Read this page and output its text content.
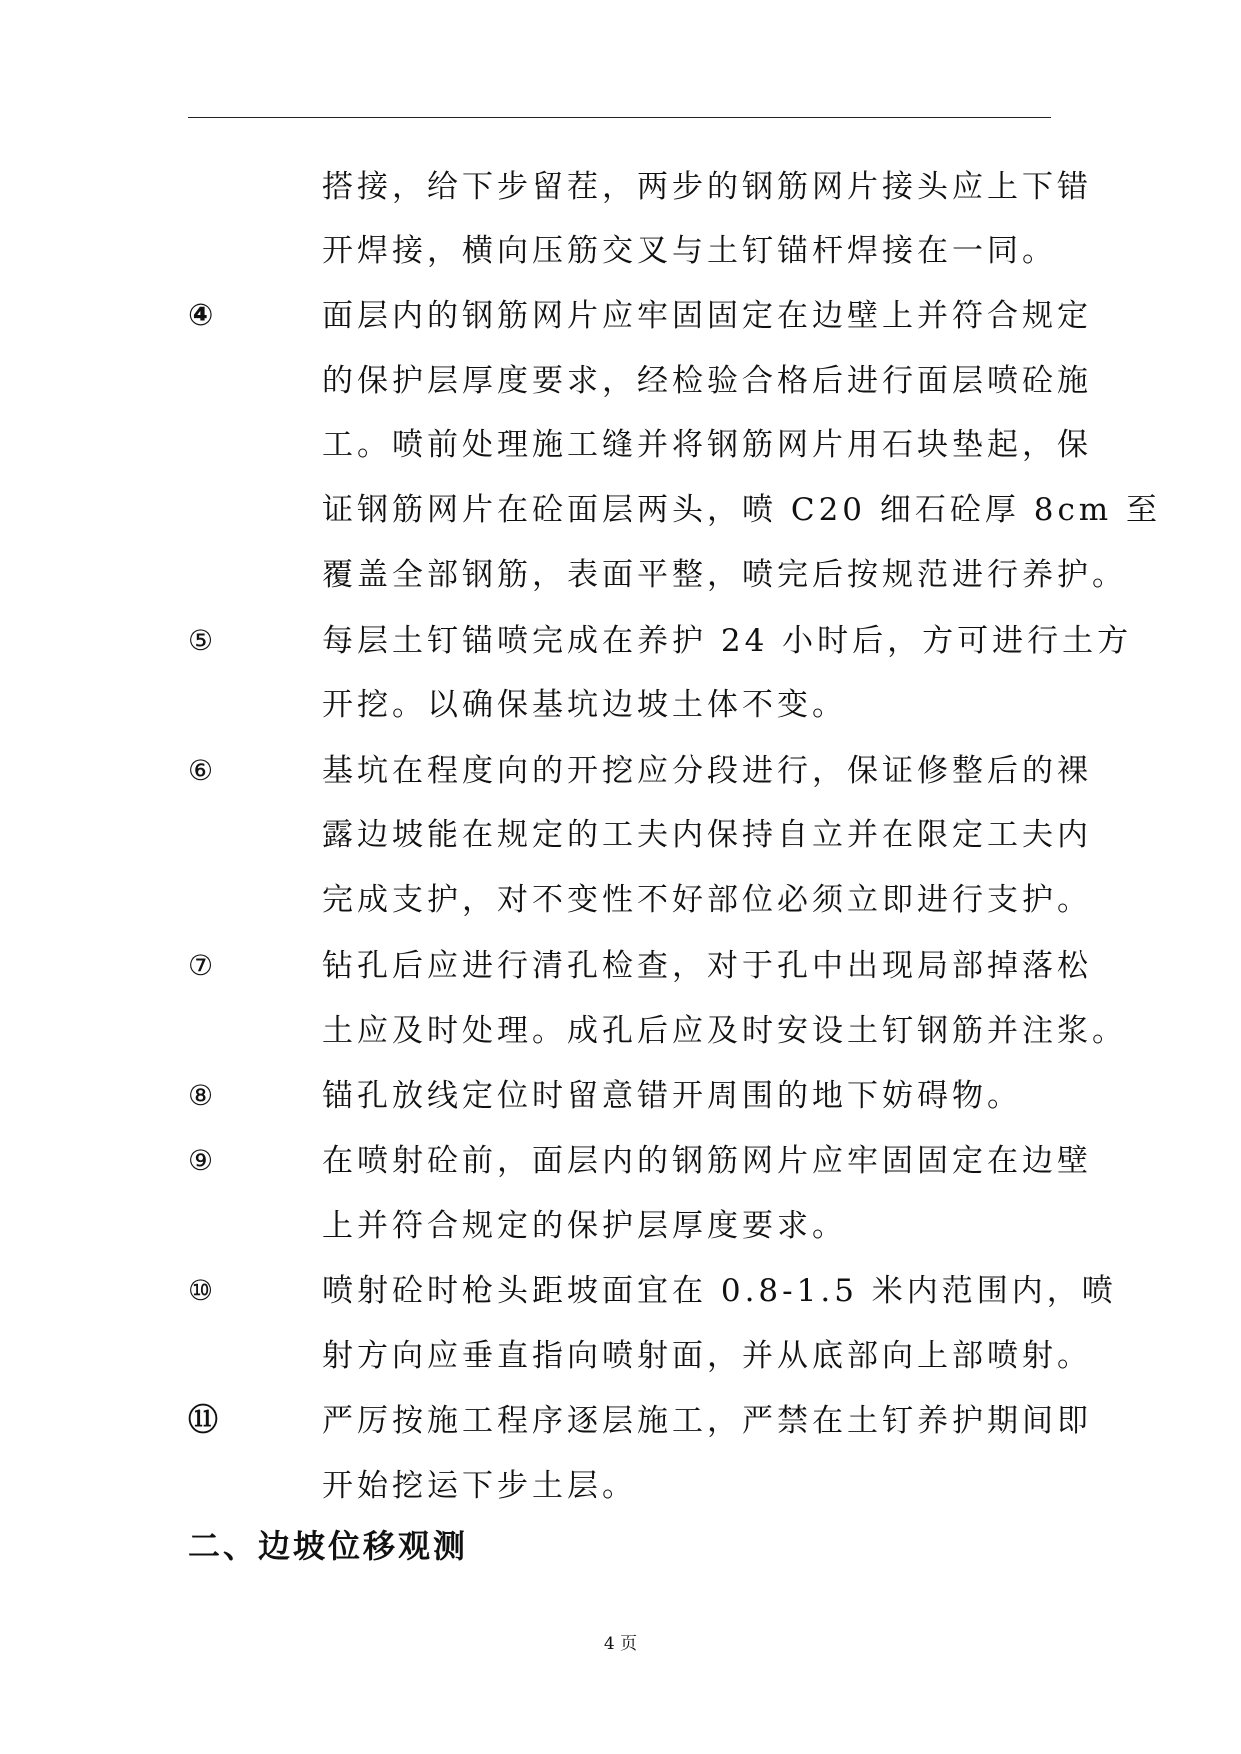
搭接，给下步留茬，两步的钢筋网片接头应上下错
开焊接，横向压筋交叉与土钉锚杆焊接在一同。
④	面层内的钢筋网片应牢固固定在边壁上并符合规定
的保护层厚度要求，经检验合格后进行面层喷砼施
工。喷前处理施工缝并将钢筋网片用石块垫起，保
证钢筋网片在砼面层两头，喷 C20 细石砼厚 8cm 至
覆盖全部钢筋，表面平整，喷完后按规范进行养护。
⑤	每层土钉锚喷完成在养护 24 小时后，方可进行土方
开挖。以确保基坑边坡土体不变。
⑥	基坑在程度向的开挖应分段进行，保证修整后的裸
露边坡能在规定的工夫内保持自立并在限定工夫内
完成支护，对不变性不好部位必须立即进行支护。
⑦	钻孔后应进行清孔检查，对于孔中出现局部掉落松
土应及时处理。成孔后应及时安设土钉钢筋并注浆。
⑧	锚孔放线定位时留意错开周围的地下妨碍物。
⑨	在喷射砼前，面层内的钢筋网片应牢固固定在边壁
上并符合规定的保护层厚度要求。
⑩	喷射砼时枪头距坡面宜在 0.8-1.5 米内范围内，喷
射方向应垂直指向喷射面，并从底部向上部喷射。
⑪	严厉按施工程序逐层施工，严禁在土钉养护期间即
开始挖运下步土层。
二、边坡位移观测
4 页
